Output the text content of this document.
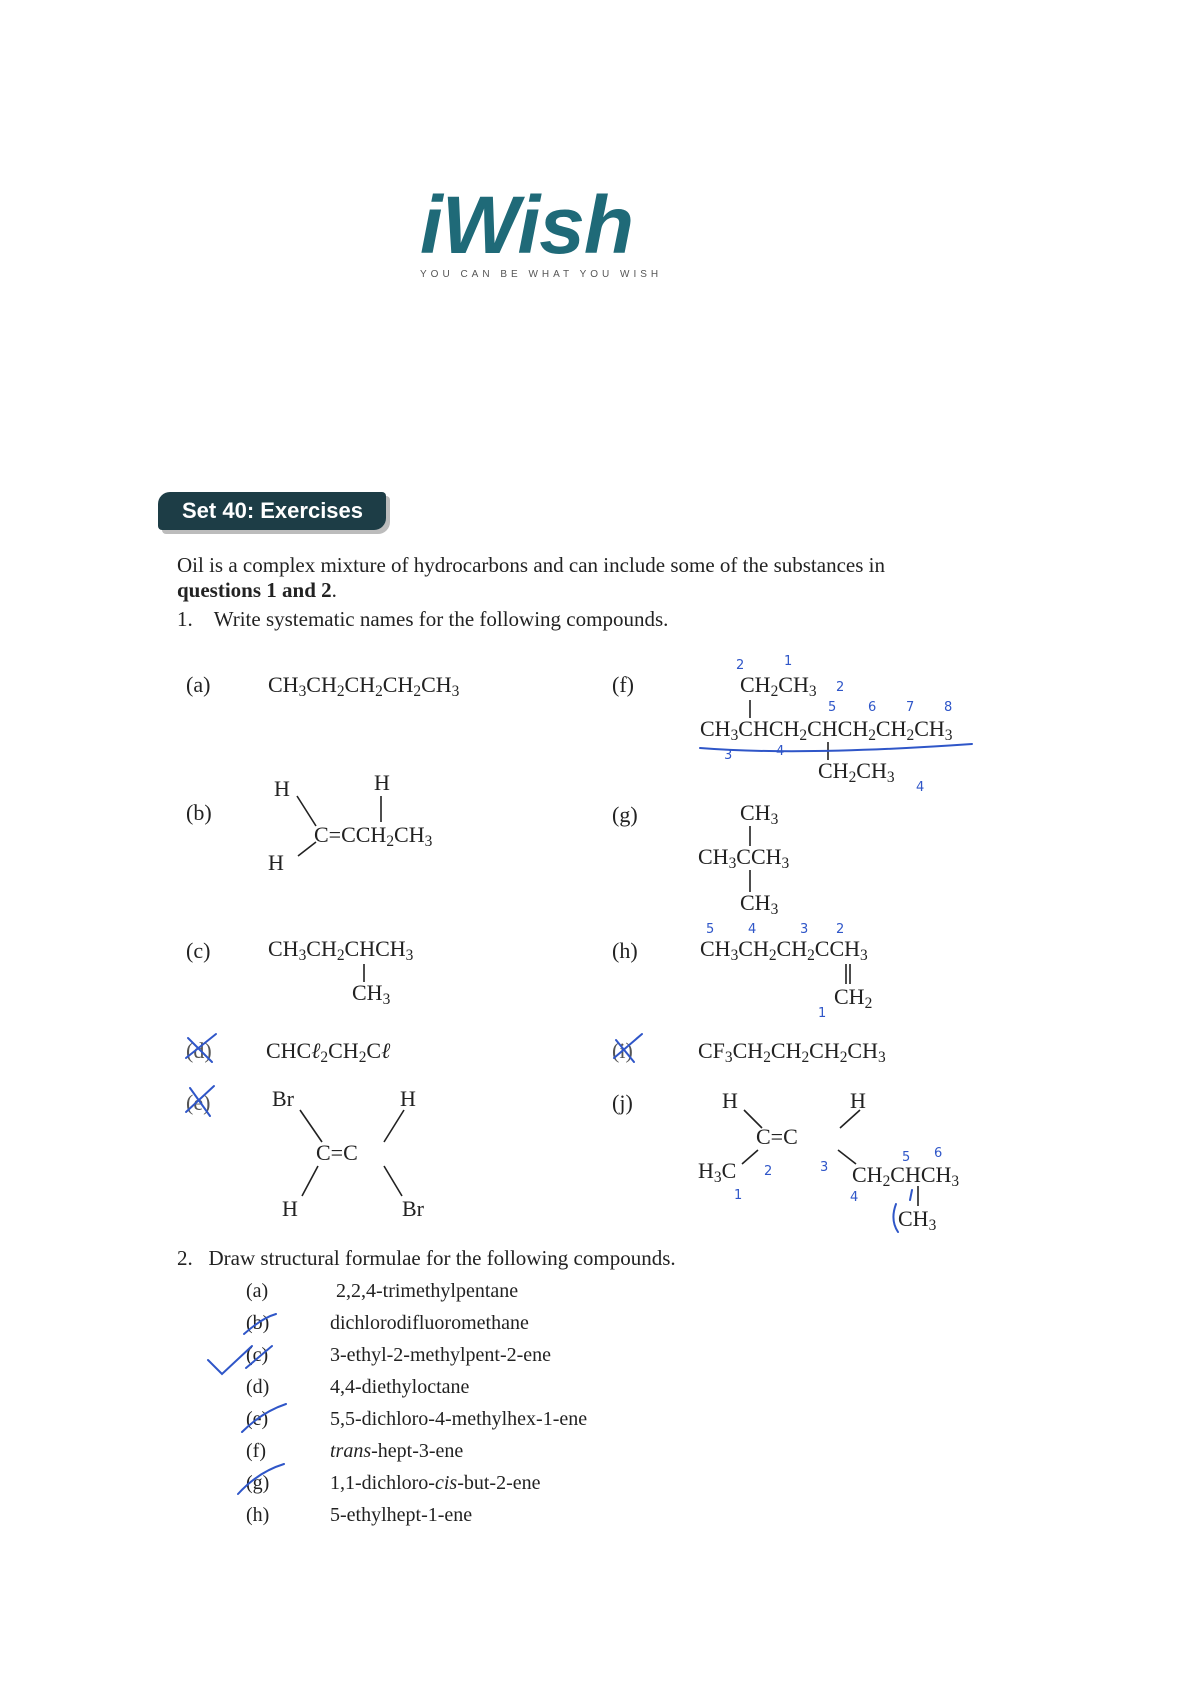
iWish
YOU CAN BE WHAT YOU WISH
Set 40: Exercises
Oil is a complex mixture of hydrocarbons and can include some of the substances in
questions 1 and 2.
1. Write systematic names for the following compounds.
(a)
(b)
(c)
(d)
(e)
(f)
(g)
(h)
(i)
(j)
$CH_3CH_2CH_2CH_2CH_3$
H	H
H
$C=CCH_2CH_3$
$CH_3CH_2CHCH_3$
$CH_3$
$CHC\ell_2CH_2C\ell$
Br	H
C=C
H	Br
$CH_2CH_3$
$CH_3CHCH_2CHCH_2CH_2CH_3$
$CH_2CH_3$
2	1
2
5 6 7 8
3	4
4
$CH_3$
$CH_3CCH_3$
$CH_3$
$CH_3CH_2CH_2CCH_3$
$CH_2$
5	4	3 2
1
$CF_3CH_2CH_2CH_2CH_3$
H	H
C=C
$H_3C$	$CH_2CHCH_3$
$CH_3$
2	3
4
5 6
1
2. Draw structural formulae for the following compounds.
(a)	2,2,4-trimethylpentane
(b)	dichlorodifluoromethane
(c)	3-ethyl-2-methylpent-2-ene
(d)	4,4-diethyloctane
(e)	5,5-dichloro-4-methylhex-1-ene
(f)	trans-hept-3-ene
(g)	1,1-dichloro-cis-but-2-ene
(h)	5-ethylhept-1-ene
